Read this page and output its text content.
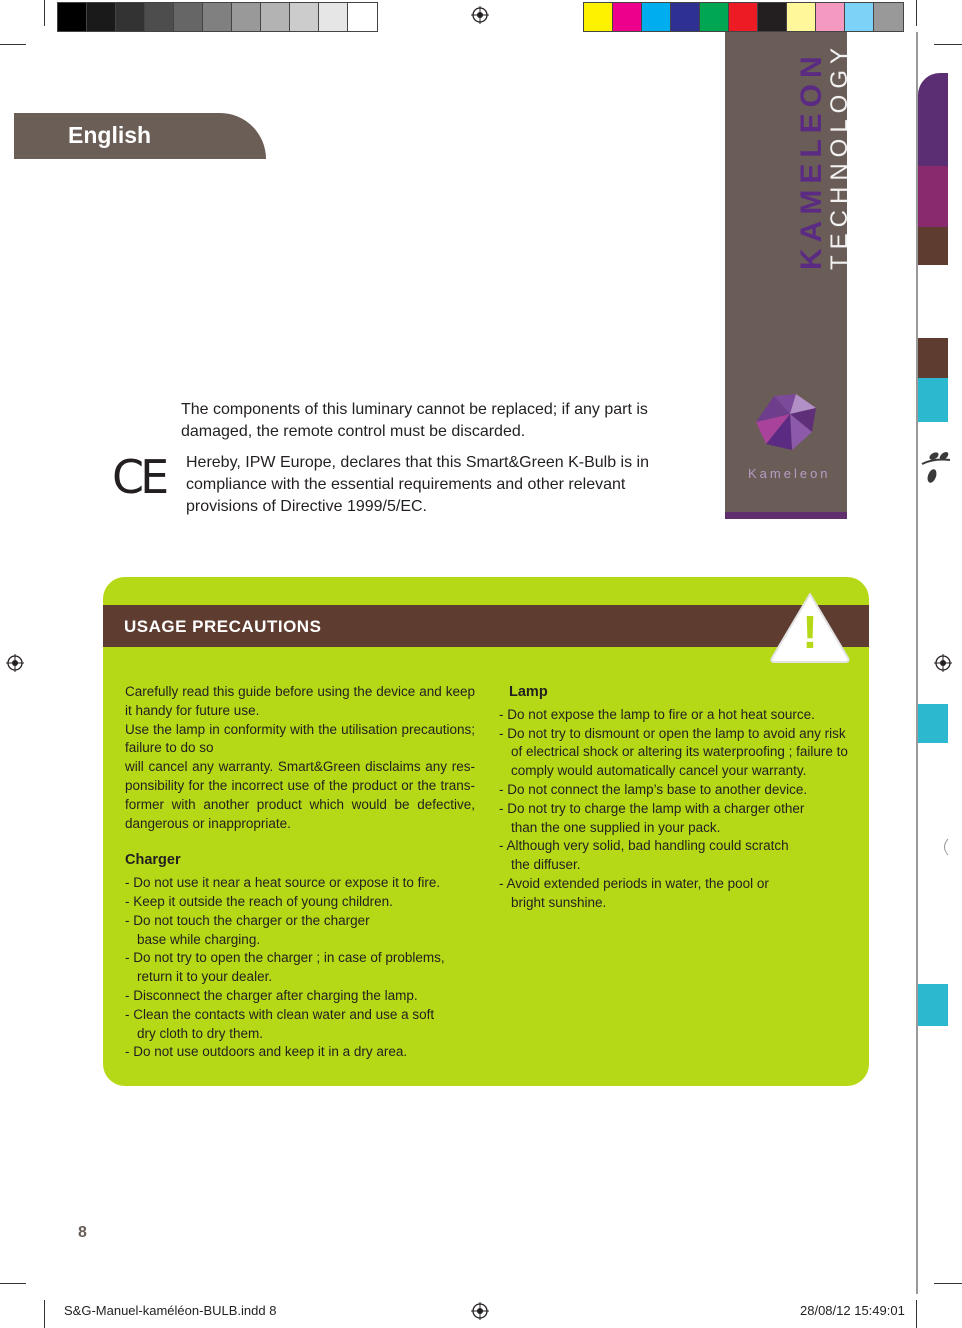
English	KAMELEON
TECHNOLOGY
Kameleon
The components of this luminary cannot be replaced; if any part is damaged, the remote control must be discarded.
CE Hereby, IPW Europe, declares that this Smart&Green K-Bulb is in compliance with the essential requirements and other relevant provisions of Directive 1999/5/EC.
USAGE PRECAUTIONS	!
Carefully read this guide before using the device and keep it handy for future use.
Use the lamp in conformity with the utilisation precautions; failure to do so
will cancel any warranty. Smart&Green disclaims any res-ponsibility for the incorrect use of the product or the trans-former with another product which would be defective, dangerous or inappropriate.
Charger
- Do not use it near a heat source or expose it to fire.
- Keep it outside the reach of young children.
- Do not touch the charger or the charger base while charging.
- Do not try to open the charger ; in case of problems, return it to your dealer.
- Disconnect the charger after charging the lamp.
- Clean the contacts with clean water and use a soft dry cloth to dry them.
- Do not use outdoors and keep it in a dry area.
Lamp
- Do not expose the lamp to fire or a hot heat source.
- Do not try to dismount or open the lamp to avoid any risk of electrical shock or altering its waterproofing ; failure to comply would automatically cancel your warranty.
- Do not connect the lamp’s base to another device.
- Do not try to charge the lamp with a charger other than the one supplied in your pack.
- Although very solid, bad handling could scratch the diffuser.
- Avoid extended periods in water, the pool or bright sunshine.
8
S&G-Manuel-kaméléon-BULB.indd 8	28/08/12 15:49:01
